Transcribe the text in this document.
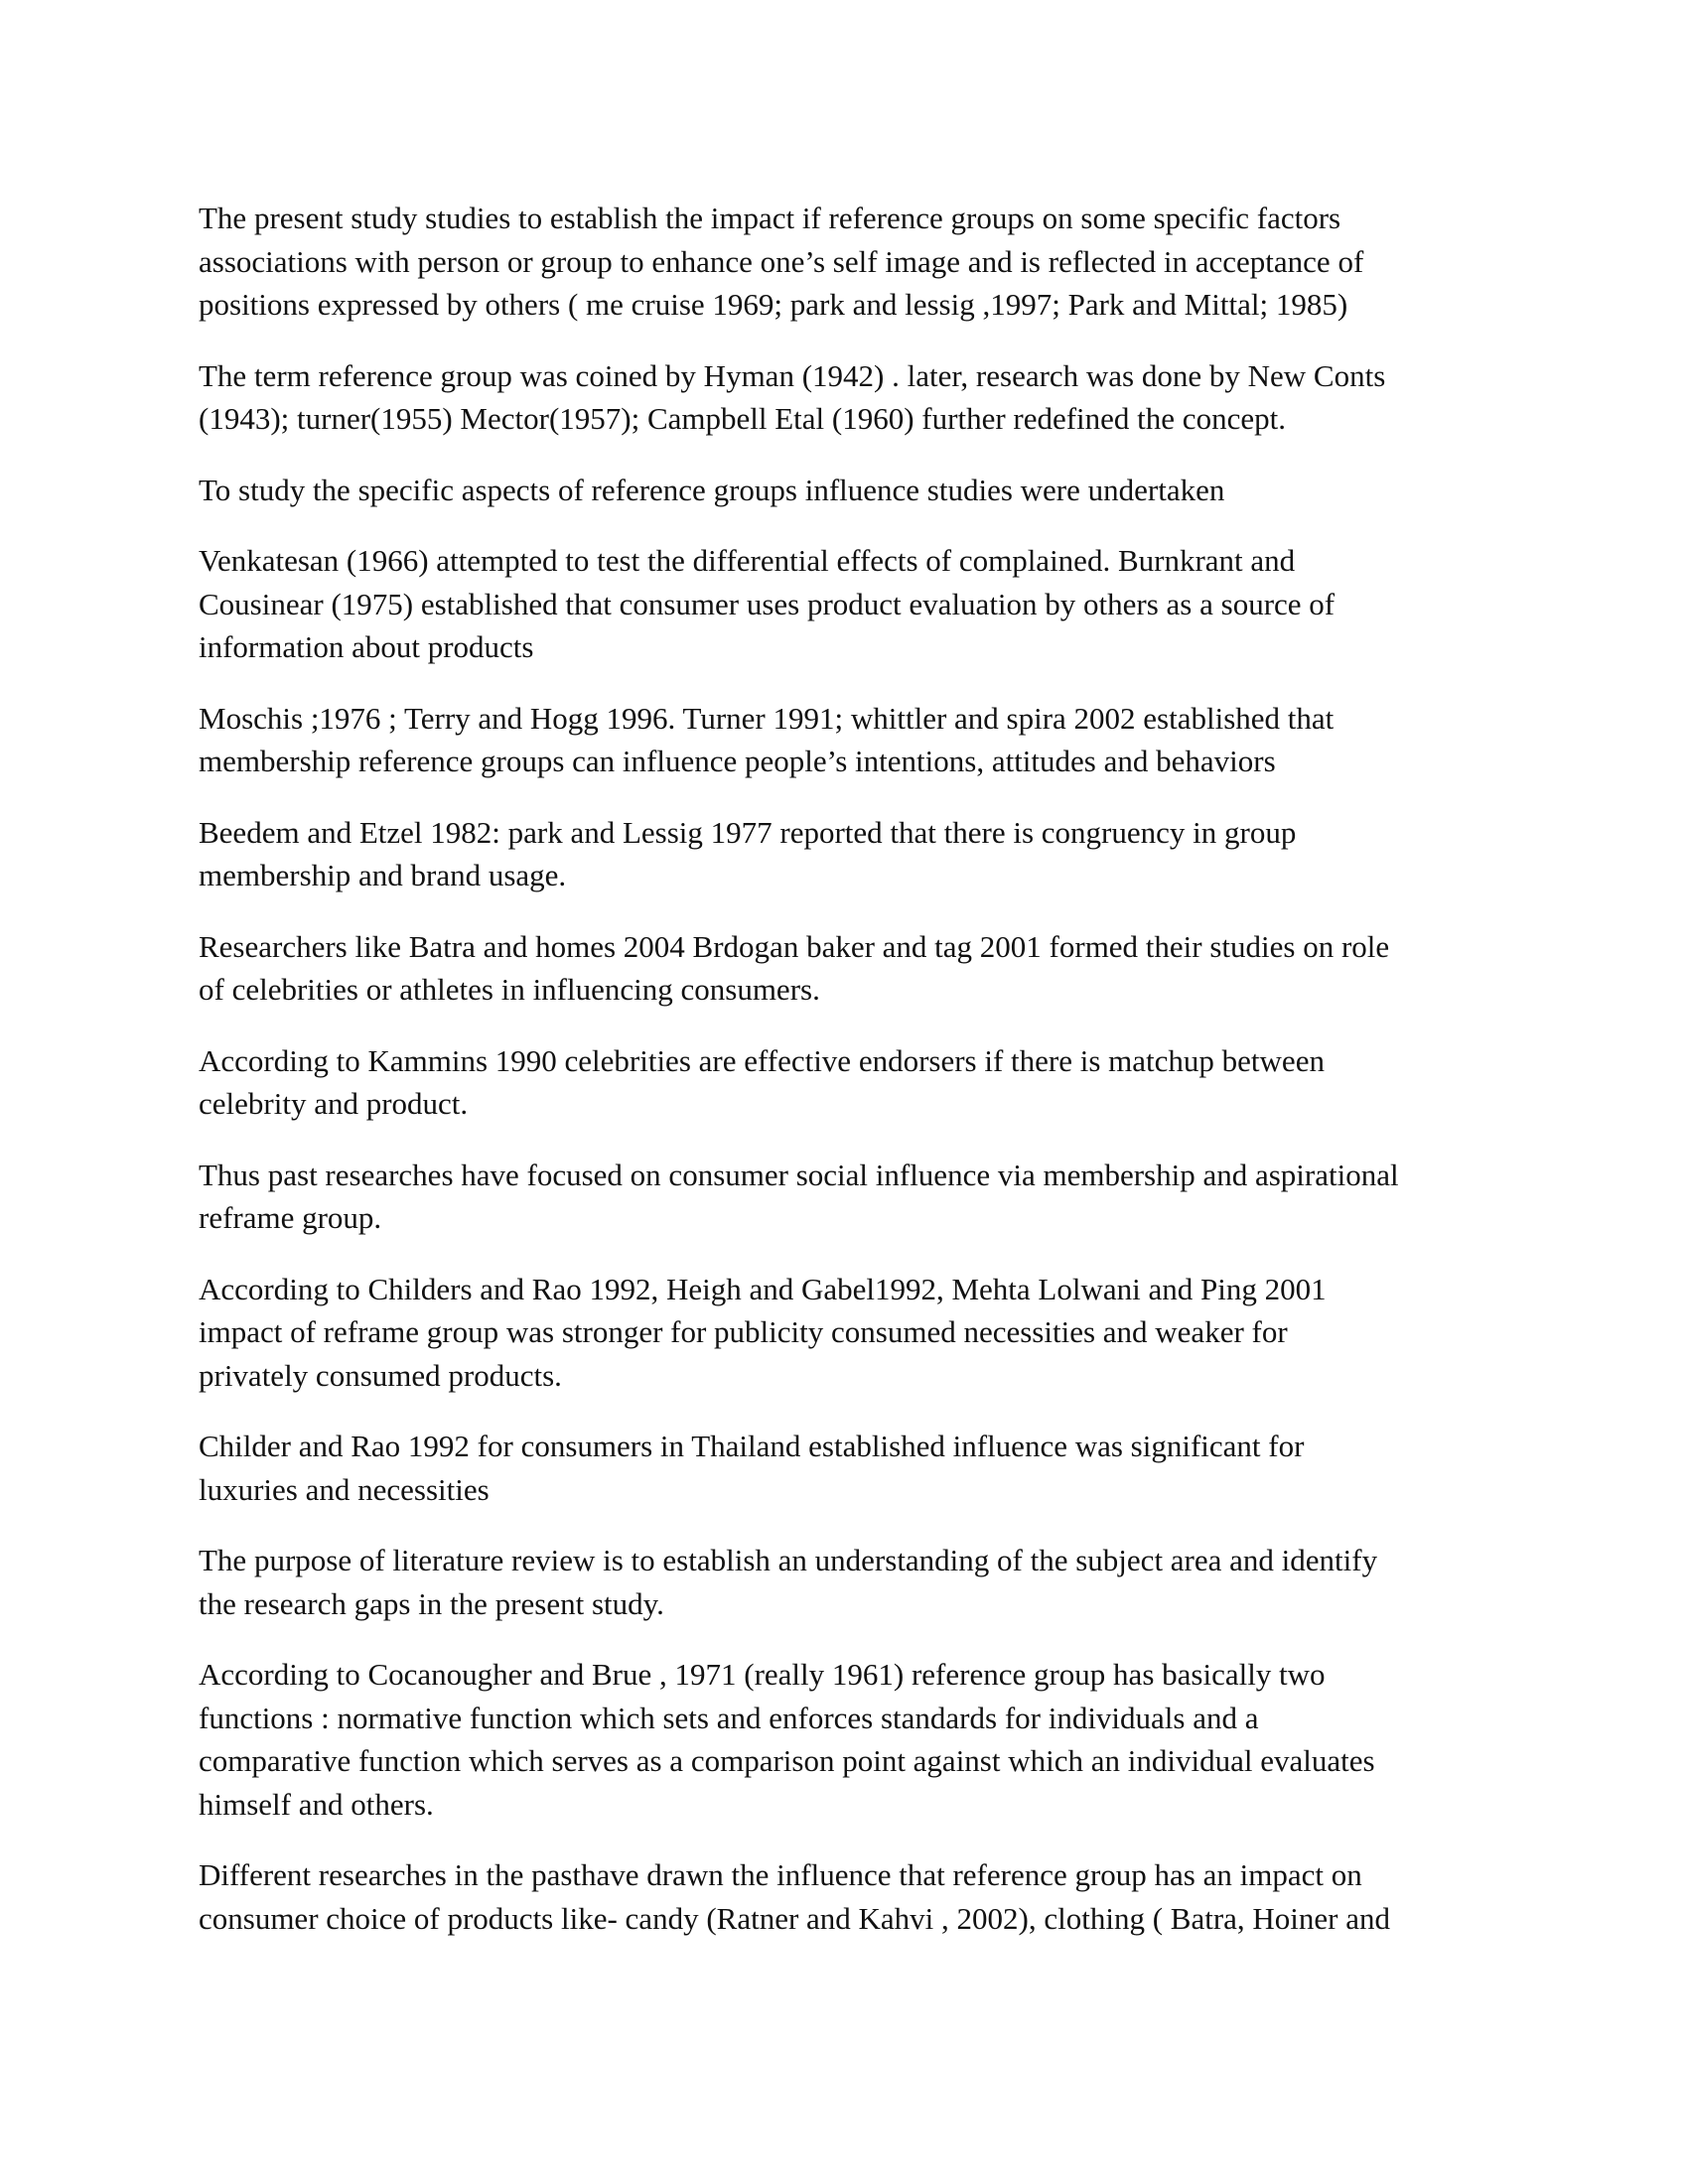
The present study studies to establish the impact if reference groups on some specific factors
associations with person or group to enhance one’s self image and is reflected in acceptance of
positions expressed by others ( me cruise 1969; park and lessig ,1997; Park and Mittal; 1985)

The term reference group was coined by Hyman (1942) . later, research was done by New Conts
(1943); turner(1955) Mector(1957); Campbell Etal (1960) further redefined the concept.

To study the specific aspects of reference groups influence studies were undertaken

Venkatesan (1966) attempted to test the differential effects of complained. Burnkrant and
Cousinear (1975) established that consumer uses product evaluation by others as a source of
information about products

Moschis ;1976 ; Terry and Hogg 1996. Turner 1991; whittler and spira 2002 established that
membership reference groups can influence people’s intentions, attitudes and behaviors

Beedem and Etzel 1982: park and Lessig 1977 reported that there is congruency in group
membership and brand usage.

Researchers like Batra and homes 2004 Brdogan baker and tag 2001 formed their studies on role
of celebrities or athletes in influencing consumers.

According to Kammins 1990 celebrities are effective endorsers if there is matchup between
celebrity and product.

Thus past researches have focused on consumer social influence via membership and aspirational
reframe group.

According to Childers and Rao 1992, Heigh and Gabel1992, Mehta Lolwani and Ping 2001
impact of reframe group was stronger for publicity consumed necessities and weaker for
privately consumed products.

Childer and Rao 1992 for consumers in Thailand established influence was significant for
luxuries and necessities

The purpose of literature review is to establish an understanding of the subject area and identify
the research gaps in the present study.

According to Cocanougher and Brue , 1971 (really 1961) reference group has basically two
functions : normative function which sets and enforces standards for individuals and a
comparative function which serves as a comparison point against which an individual evaluates
himself and others.

Different researches in the pasthave drawn the influence that reference group has an impact on
consumer choice of products like- candy (Ratner and Kahvi , 2002), clothing ( Batra, Hoiner and
